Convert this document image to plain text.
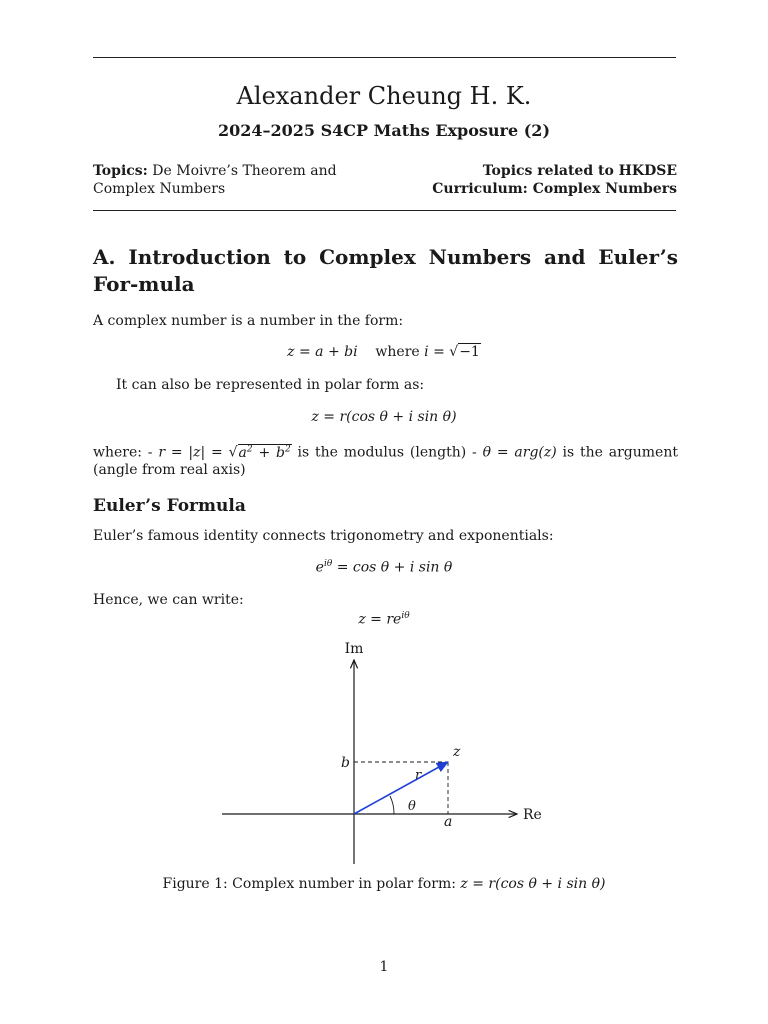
Alexander Cheung H. K.
2024–2025 S4CP Maths Exposure (2)
Topics: De Moivre’s Theorem and Complex Numbers
Topics related to HKDSE Curriculum: Complex Numbers
A. Introduction to Complex Numbers and Euler’s For-mula
A complex number is a number in the form:
z = a + bi where i = √−1
It can also be represented in polar form as:
z = r(cos θ + i sin θ)
where: - $r = |z| = √a^2 + b^2$ is the modulus (length) - θ = arg(z) is the argument (angle from real axis)
Euler’s Formula
Euler’s famous identity connects trigonometry and exponentials:
$e^{i\theta} = \cos \theta + i$ sin θ
Hence, we can write:
$z = re^{i\theta}$
Im
Re
b
a
z
r
θ
Figure 1: Complex number in polar form: z = r(cos θ + i sin θ)
1
